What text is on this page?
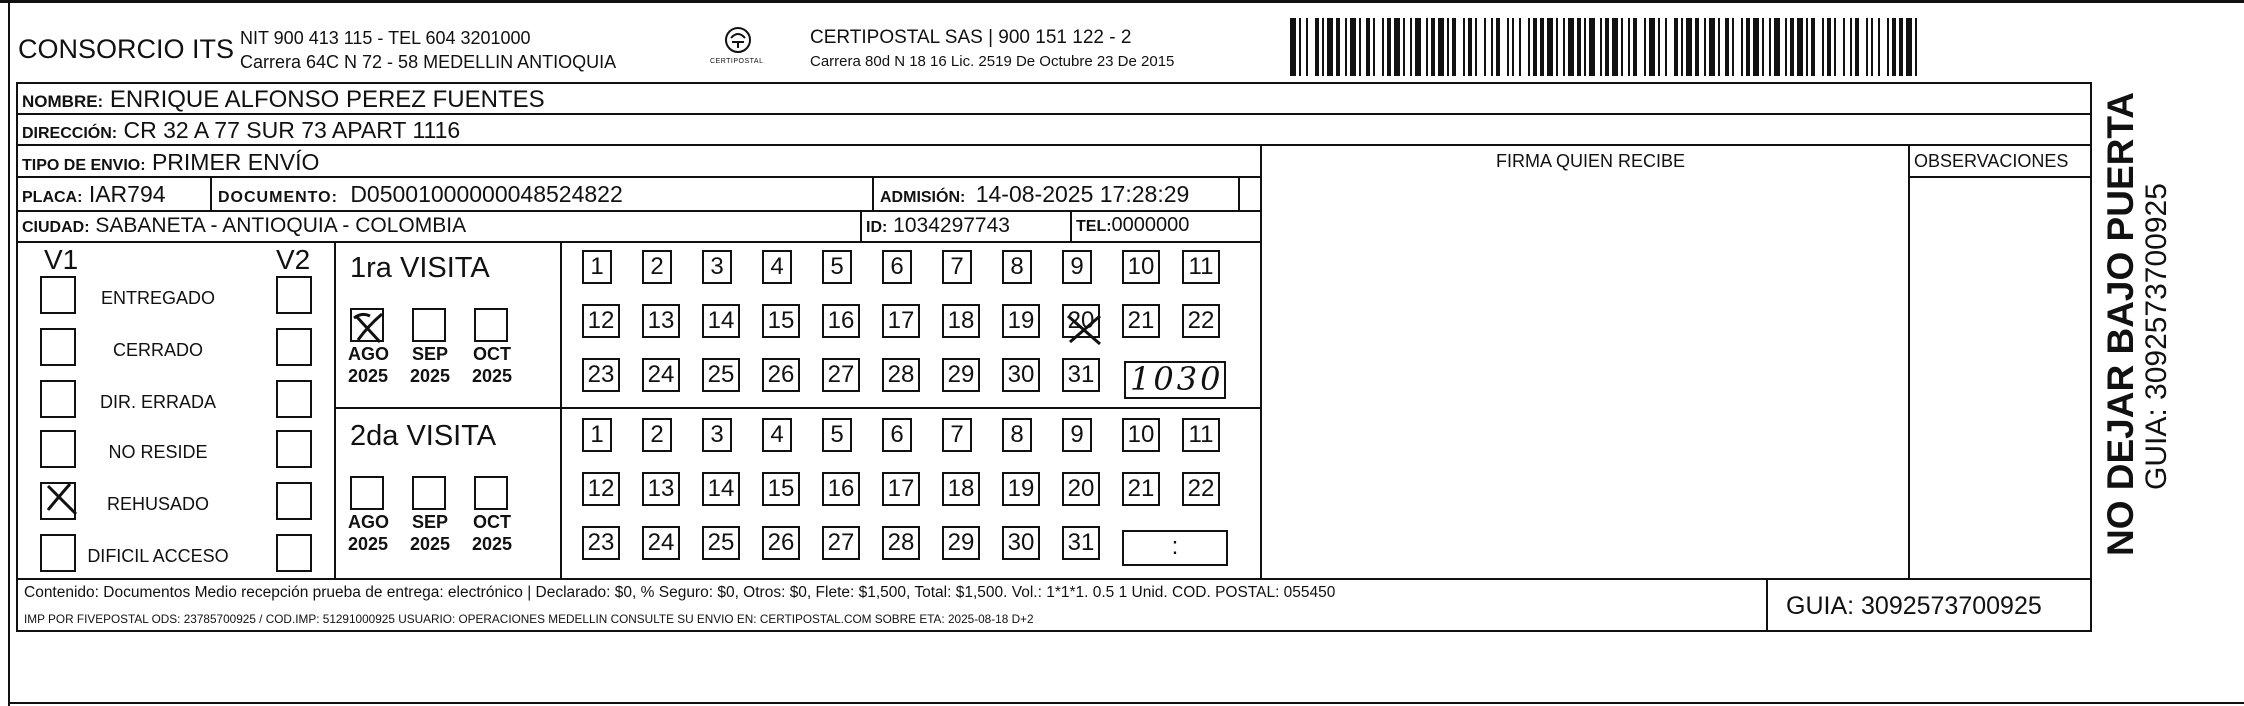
CONSORCIO ITS NIT 900 413 115 - TEL 604 3201000
Carrera 64C N 72 - 58 MEDELLIN ANTIOQUIA	CERTIPOSTAL
CERTIPOSTAL SAS | 900 151 122 - 2
Carrera 80d N 18 16 Lic. 2519 De Octubre 23 De 2015
NOMBRE: ENRIQUE ALFONSO PEREZ FUENTES
DIRECCIÓN: CR 32 A 77 SUR 73 APART 1116
TIPO DE ENVIO: PRIMER ENVÍO	FIRMA QUIEN RECIBE	OBSERVACIONES
PLACA: IAR794	DOCUMENTO: D05001000000048524822	ADMISIÓN: 14-08-2025 17:28:29
CIUDAD: SABANETA - ANTIOQUIA - COLOMBIA	ID: 1034297743	TEL:0000000
V1	V2
ENTREGADO
CERRADO
DIR. ERRADA
NO RESIDE
REHUSADO
DIFICIL ACCESO
1ra VISITA
2da VISITA
AGO
2025
SEP
2025
OCT
2025
AGO
2025
SEP
2025
OCT
2025
1	2	3	4	5	6	7	8	9	10 11
12 13 14 15 16 17 18 19 20 21 22
23 24 25 26 27 28 29 30 31
1	2	3	4	5	6	7	8	9	10 11
12 13 14 15 16 17 18 19 20 21 22
23 24 25 26 27 28 29 30 31
1030
:
Contenido: Documentos Medio recepción prueba de entrega: electrónico | Declarado: $0, % Seguro: $0, Otros: $0, Flete: $1,500, Total: $1,500. Vol.: 1*1*1. 0.5 1 Unid. COD. POSTAL: 055450
IMP POR FIVEPOSTAL ODS: 23785700925 / COD.IMP: 51291000925 USUARIO: OPERACIONES MEDELLIN CONSULTE SU ENVIO EN: CERTIPOSTAL.COM SOBRE ETA: 2025-08-18 D+2	GUIA: 3092573700925
NO DEJAR BAJO PUERTA GUIA: 3092573700925
